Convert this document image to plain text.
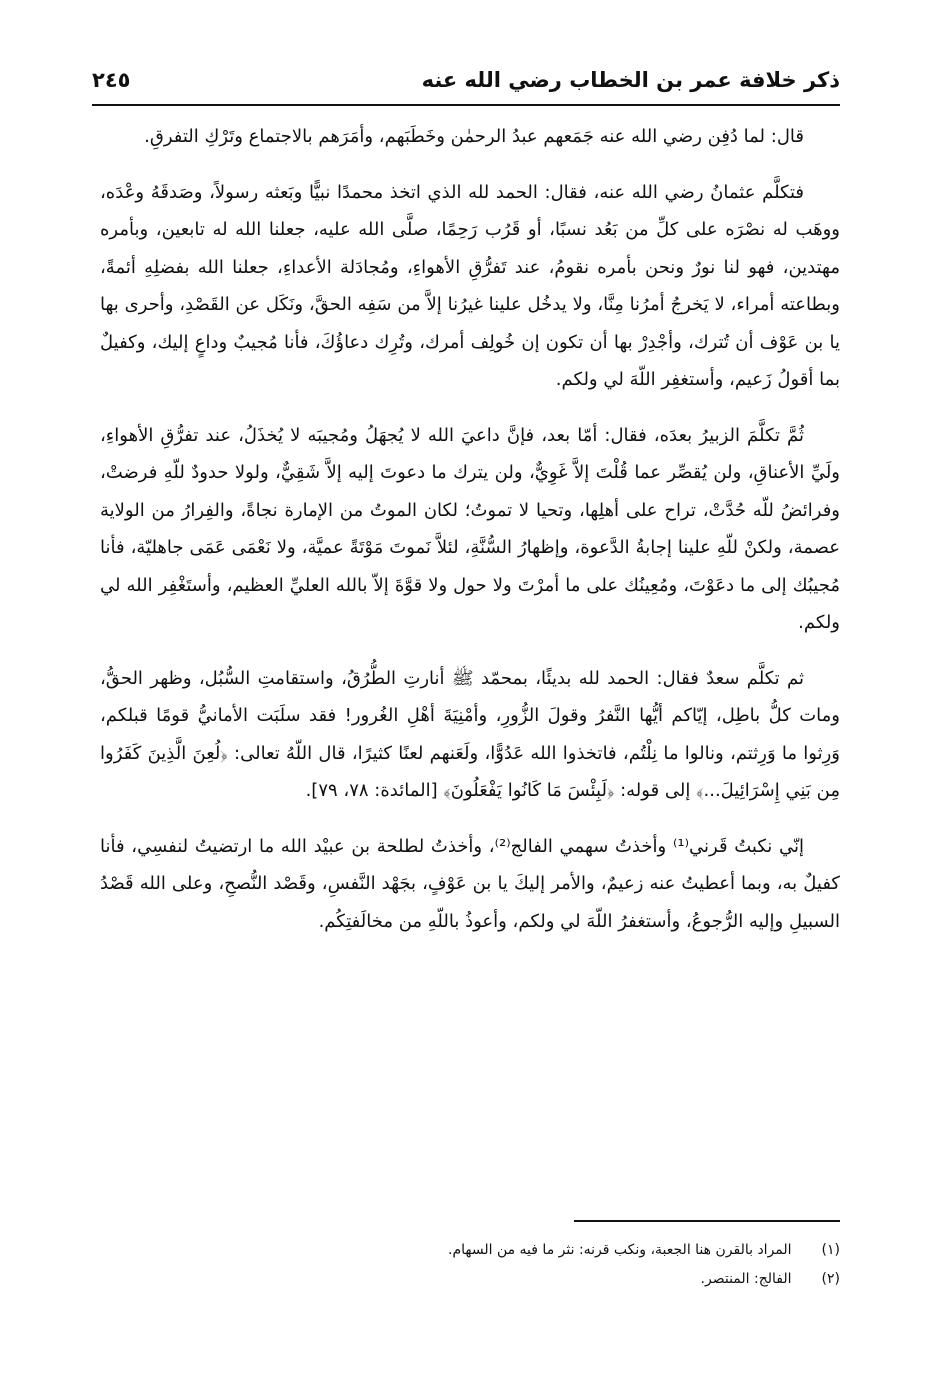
ذكر خلافة عمر بن الخطاب رضي الله عنه
٢٤٥

قال: لما دُفِن رضي الله عنه جَمَعهم عبدُ الرحمٰن وخَطَبَهم، وأمَرَهم بالاجتماع وتَرْكِ التفرقِ.

فتكلَّم عثمانُ رضي الله عنه، فقال: الحمد لله الذي اتخذ محمدًا نبيًّا وبَعثه رسولاً، وصَدقَهُ وعْدَه، ووهَب له نصْرَه على كلِّ من بَعُد نسبًا، أو قَرُب رَحِمًا، صلَّى الله عليه، جعلنا الله له تابعين، وبأمره مهتدين، فهو لنا نورٌ ونحن بأمره نقومُ، عند تَفرُّقِ الأهواءِ، ومُجادَلة الأعداءِ، جعلنا الله بفضلِهِ أئمةً، وبطاعته أمراء، لا يَخرجُ أمرُنا مِنَّا، ولا يدخُل علينا غيرُنا إلاَّ من سَفِه الحقَّ، ونَكَل عن القَصْدِ، وأحرى بها يا بن عَوْف أن تُترك، وأجْدِرْ بها أن تكون إن خُولِف أمرك، وتُرِك دعاؤُكَ، فأنا مُجيبٌ وداعٍ إليك، وكفيلٌ بما أقولُ زَعيم، وأستغفِر اللّهَ لي ولكم.

ثُمَّ تكلَّمَ الزبيرُ بعدَه، فقال: أمّا بعد، فإنَّ داعيَ الله لا يُجهَلُ ومُجيبَه لا يُخذَلُ، عند تفرُّقِ الأهواءِ، ولَيِّ الأعناقِ، ولن يُقصِّر عما قُلْتَ إلاَّ غَوِيٌّ، ولن يترك ما دعوتَ إليه إلاَّ شَقِيٌّ، ولولا حدودٌ للّهِ فرضتْ، وفرائضُ للّه حُدَّتْ، تراح على أهلِها، وتحيا لا تموتُ؛ لكان الموتُ من الإمارة نجاةً، والفِرارُ من الولاية عصمة، ولكنْ للّهِ علينا إجابةُ الدَّعوة، وإظهارُ السُّنَّةِ، لئلاَّ نَموتَ مَوْتَةً عميَّة، ولا نَعْمَى عَمَى جاهليّة، فأنا مُجيبُك إلى ما دعَوْتَ، ومُعِينُك على ما أمرْتَ ولا حول ولا قوَّةَ إلاّ بالله العليِّ العظيم، وأستَغْفِر الله لي ولكم.

ثم تكلَّم سعدٌ فقال: الحمد لله بديئًا، بمحمّد ﷺ أنارتِ الطُّرُقُ، واستقامتِ السُّبُل، وظهر الحقُّ، ومات كلُّ باطِل، إيّاكم أيُّها النَّفرُ وقولَ الزُّورِ، وأمْنِيَةَ أهْلِ الغُرور! فقد سلَبَت الأمانيُّ قومًا قبلكم، وَرِثوا ما وَرِثتم، ونالوا ما نِلْتُم، فاتخذوا الله عَدُوًّا، ولَعَنهم لعنًا كثيرًا، قال اللّهُ تعالى: ﴿لُعِنَ الَّذِينَ كَفَرُوا مِن بَنِي إِسْرَائِيلَ...﴾ إلى قوله: ﴿لَبِئْسَ مَا كَانُوا يَفْعَلُونَ﴾ [المائدة: ٧٨، ٧٩].

إنّي نكبتُ قَرني⁽¹⁾ وأخذتُ سهمي الفالج⁽²⁾، وأخذتُ لطلحة بن عبيْد الله ما ارتضيتُ لنفسِي، فأنا كفيلٌ به، وبما أعطيتُ عنه زعيمٌ، والأمر إليكَ يا بن عَوْفٍ، بجَهْد النَّفسِ، وقَصْد النُّصحِ، وعلى الله قَصْدُ السبيلِ وإليه الرُّجوعُ، وأستغفرُ اللّهَ لي ولكم، وأعوذُ باللّهِ من مخالَفتِكُم.

(١) المراد بالقرن هنا الجعبة، ونكب قرنه: نثر ما فيه من السهام.

(٢) الفالج: المنتصر.
